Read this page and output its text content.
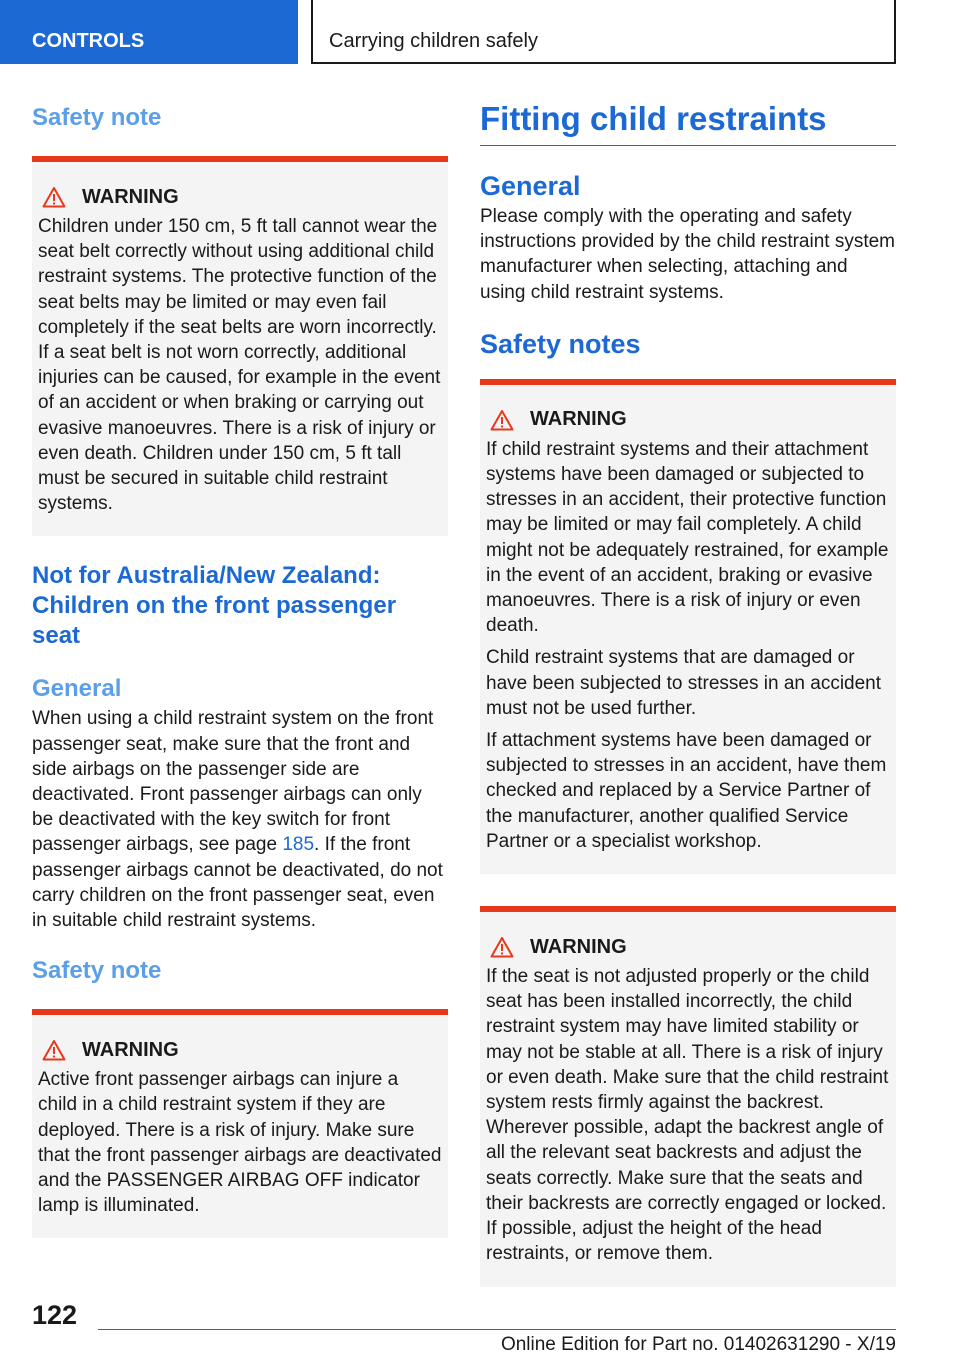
CONTROLS	Carrying children safely
Safety note
WARNING

Children under 150 cm, 5 ft tall cannot wear the seat belt correctly without using additional child restraint systems. The protective function of the seat belts may be limited or may even fail completely if the seat belts are worn incorrectly. If a seat belt is not worn correctly, additional injuries can be caused, for example in the event of an accident or when braking or carrying out evasive manoeuvres. There is a risk of injury or even death. Children under 150 cm, 5 ft tall must be secured in suitable child restraint systems.

Not for Australia/New Zealand: Children on the front passenger seat
General

When using a child restraint system on the front passenger seat, make sure that the front and side airbags on the passenger side are deactivated. Front passenger airbags can only be deactivated with the key switch for front passenger airbags, see page 185. If the front passenger airbags cannot be deactivated, do not carry children on the front passenger seat, even in suitable child restraint systems.

Safety note
WARNING

Active front passenger airbags can injure a child in a child restraint system if they are deployed. There is a risk of injury. Make sure that the front passenger airbags are deactivated and the PASSENGER AIRBAG OFF indicator lamp is illuminated.

Fitting child restraints
General

Please comply with the operating and safety instructions provided by the child restraint system manufacturer when selecting, attaching and using child restraint systems.

Safety notes
WARNING

If child restraint systems and their attachment systems have been damaged or subjected to stresses in an accident, their protective function may be limited or may fail completely. A child might not be adequately restrained, for example in the event of an accident, braking or evasive manoeuvres. There is a risk of injury or even death.

Child restraint systems that are damaged or have been subjected to stresses in an accident must not be used further.

If attachment systems have been damaged or subjected to stresses in an accident, have them checked and replaced by a Service Partner of the manufacturer, another qualified Service Partner or a specialist workshop.

WARNING

If the seat is not adjusted properly or the child seat has been installed incorrectly, the child restraint system may have limited stability or may not be stable at all. There is a risk of injury or even death. Make sure that the child restraint system rests firmly against the backrest. Wherever possible, adapt the backrest angle of all the relevant seat backrests and adjust the seats correctly. Make sure that the seats and their backrests are correctly engaged or locked. If possible, adjust the height of the head restraints, or remove them.

122
Online Edition for Part no. 01402631290 - X/19
